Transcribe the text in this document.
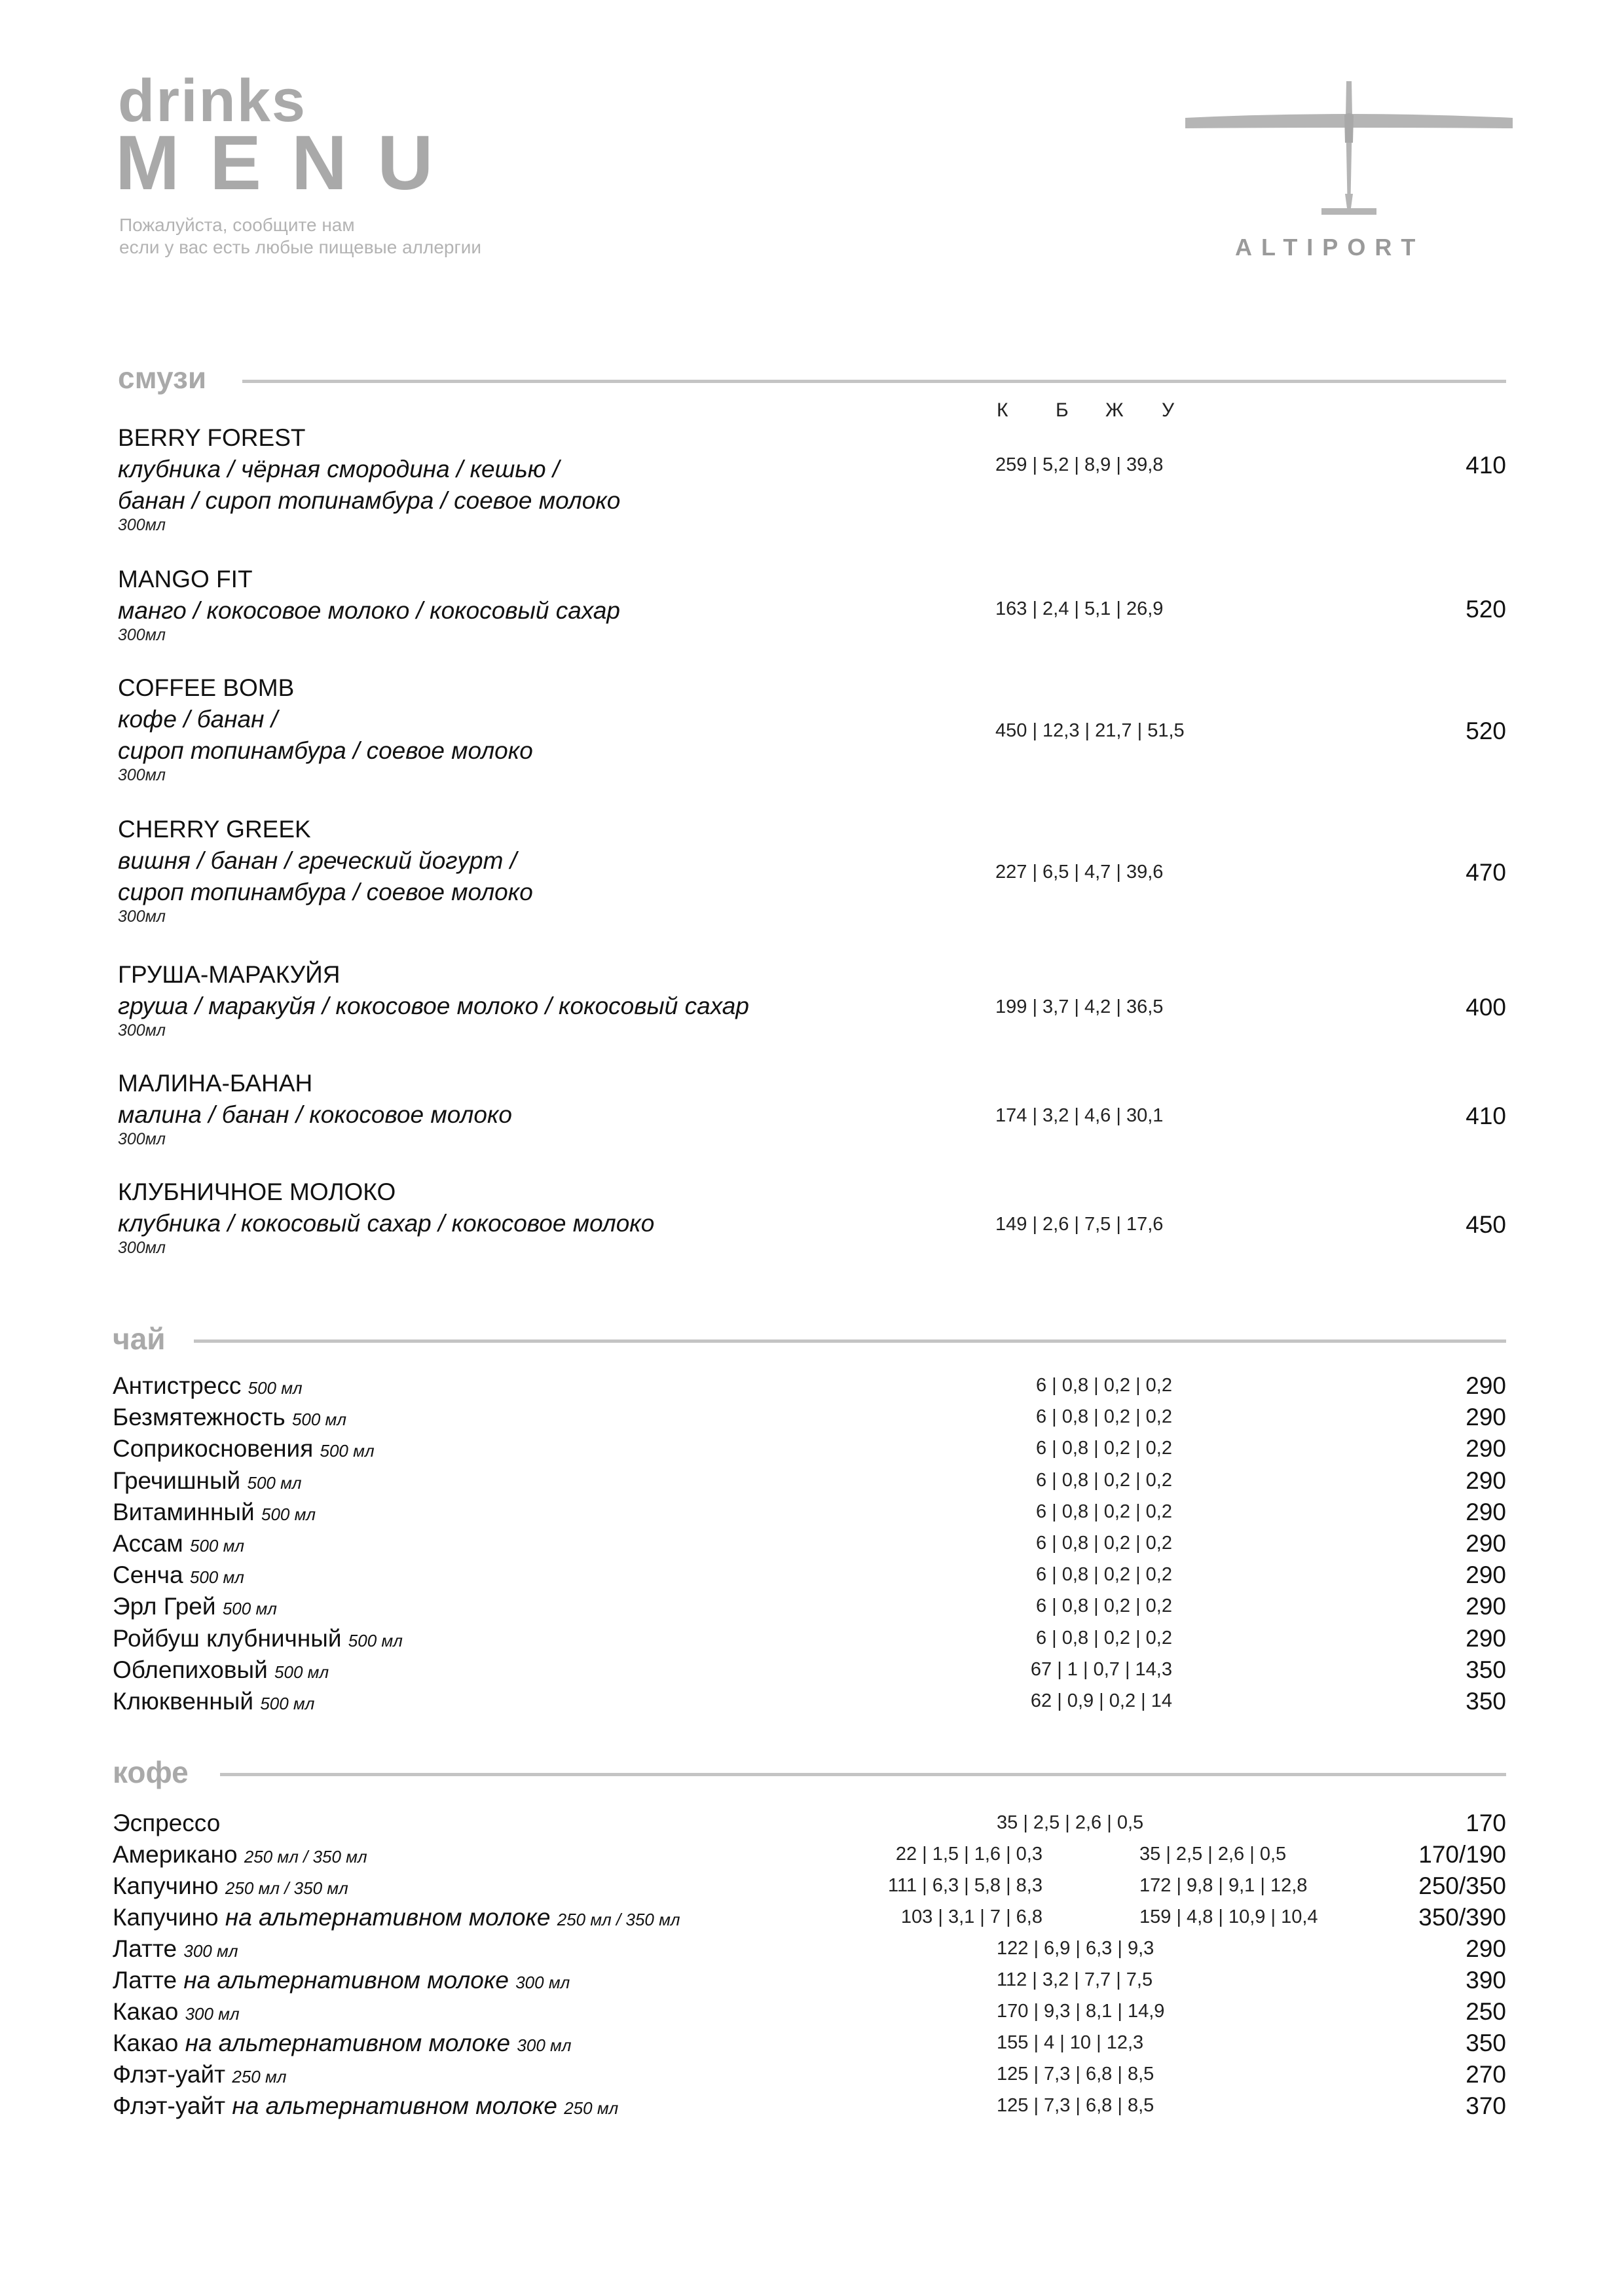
drinks
MENU
Пожалуйста, сообщите нам
если у вас есть любые пищевые аллергии	ALTIPORT
смузи
К Б Ж У
BERRY FOREST
клубника / чёрная смородина / кешью /
банан / сироп топинамбура / соевое молоко
300мл
259 | 5,2 | 8,9 | 39,8	410
MANGO FIT
манго / кокосовое молоко / кокосовый сахар
300мл
163 | 2,4 | 5,1 | 26,9	520
COFFEE BOMB
кофе / банан /
сироп топинамбура / соевое молоко
300мл
450 | 12,3 | 21,7 | 51,5	520
CHERRY GREEK
вишня / банан / греческий йогурт /
сироп топинамбура / соевое молоко
300мл
227 | 6,5 | 4,7 | 39,6	470
ГРУША-МАРАКУЙЯ
груша / маракуйя / кокосовое молоко / кокосовый сахар
300мл
199 | 3,7 | 4,2 | 36,5	400
МАЛИНА-БАНАН
малина / банан / кокосовое молоко
300мл
174 | 3,2 | 4,6 | 30,1	410
КЛУБНИЧНОЕ МОЛОКО
клубника / кокосовый сахар / кокосовое молоко
300мл
149 | 2,6 | 7,5 | 17,6	450
чай
Антистресс 500 мл	6 | 0,8 | 0,2 | 0,2	290
Безмятежность 500 мл	6 | 0,8 | 0,2 | 0,2	290
Соприкосновения 500 мл	6 | 0,8 | 0,2 | 0,2	290
Гречишный 500 мл	6 | 0,8 | 0,2 | 0,2	290
Витаминный 500 мл	6 | 0,8 | 0,2 | 0,2	290
Ассам 500 мл	6 | 0,8 | 0,2 | 0,2	290
Сенча 500 мл	6 | 0,8 | 0,2 | 0,2	290
Эрл Грей 500 мл	6 | 0,8 | 0,2 | 0,2	290
Ройбуш клубничный 500 мл	6 | 0,8 | 0,2 | 0,2	290
Облепиховый 500 мл	67 | 1 | 0,7 | 14,3	350
Клюквенный 500 мл	62 | 0,9 | 0,2 | 14	350
кофе
Эспрессо	35 | 2,5 | 2,6 | 0,5	170
Американо 250 мл / 350 мл	22 | 1,5 | 1,6 | 0,3	35 | 2,5 | 2,6 | 0,5	170/190
Капучино 250 мл / 350 мл	111 | 6,3 | 5,8 | 8,3	172 | 9,8 | 9,1 | 12,8	250/350
Капучино на альтернативном молоке 250 мл / 350 мл	103 | 3,1 | 7 | 6,8	159 | 4,8 | 10,9 | 10,4	350/390
Латте 300 мл	122 | 6,9 | 6,3 | 9,3	290
Латте на альтернативном молоке 300 мл	112 | 3,2 | 7,7 | 7,5	390
Какао 300 мл	170 | 9,3 | 8,1 | 14,9	250
Какао на альтернативном молоке 300 мл	155 | 4 | 10 | 12,3	350
Флэт-уайт 250 мл	125 | 7,3 | 6,8 | 8,5	270
Флэт-уайт на альтернативном молоке 250 мл	125 | 7,3 | 6,8 | 8,5	370
